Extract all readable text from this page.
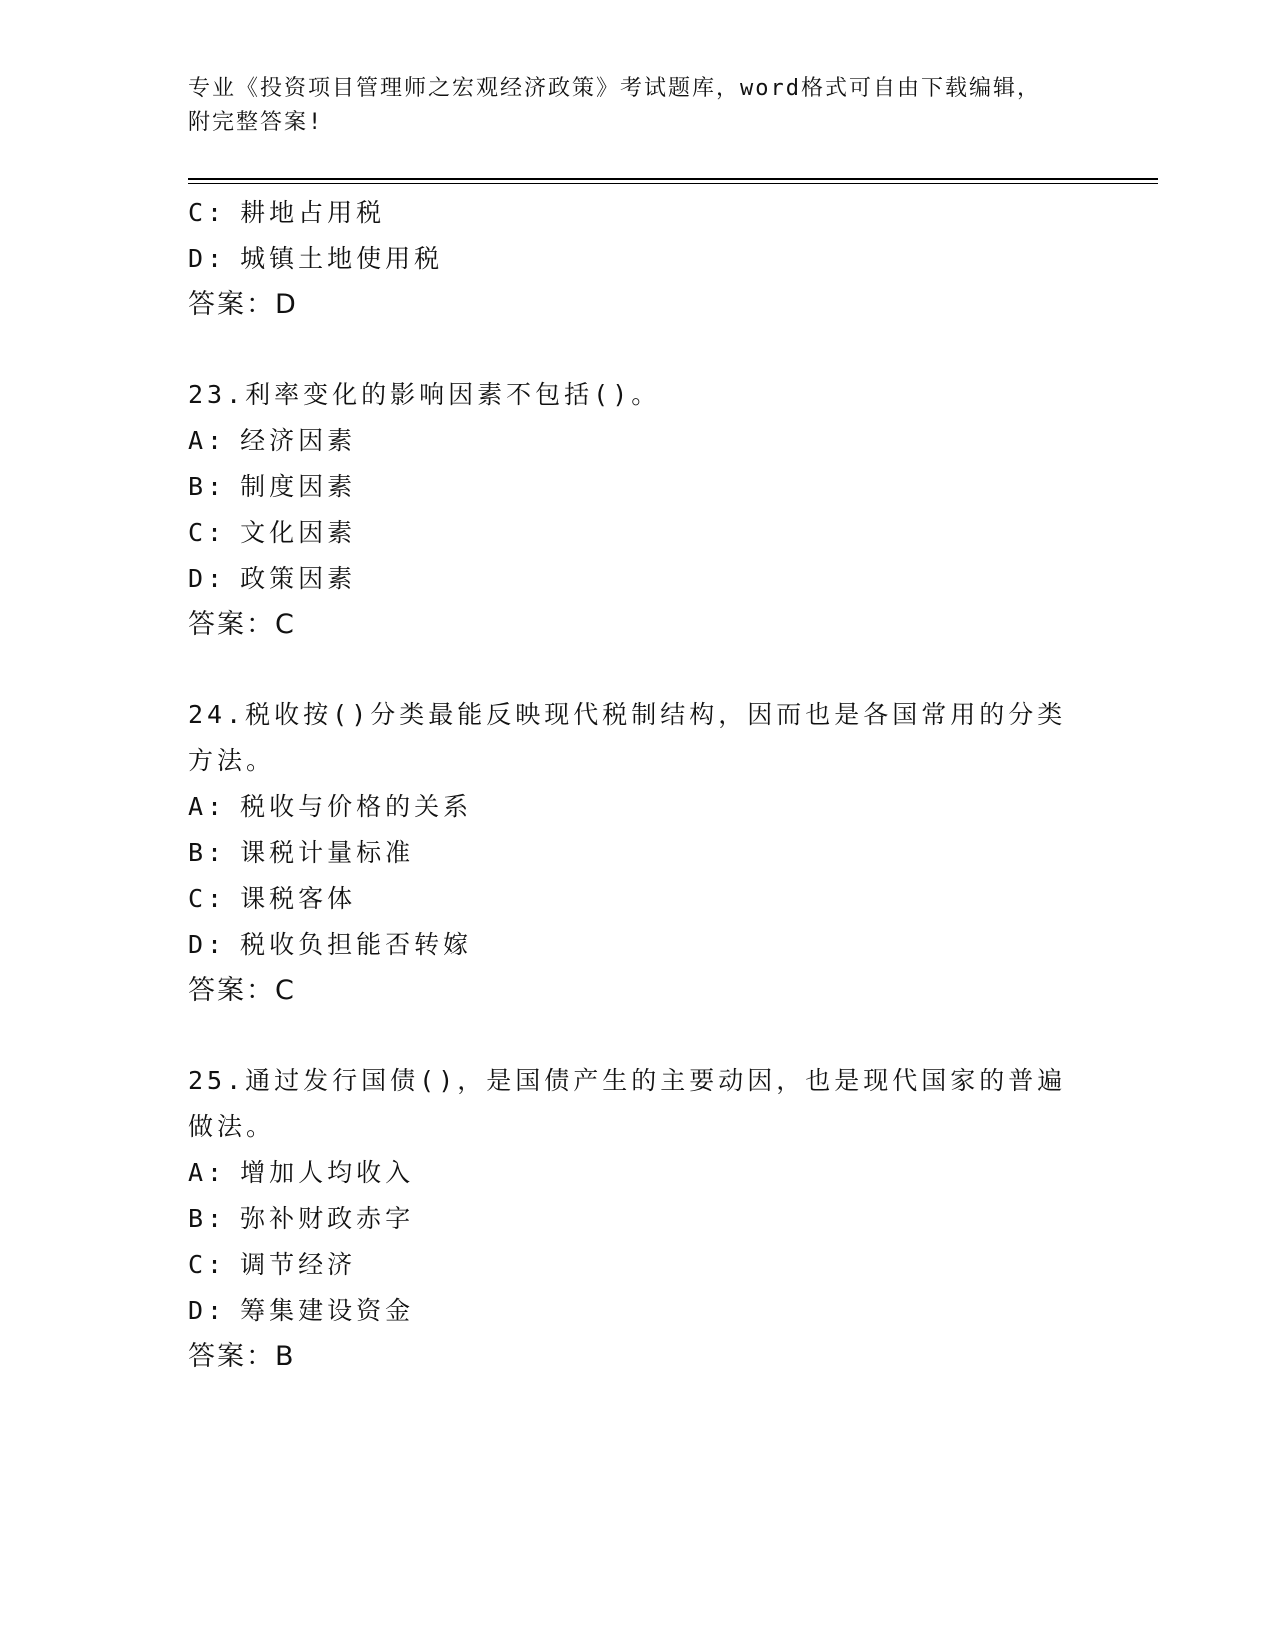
专业《投资项目管理师之宏观经济政策》考试题库，word格式可自由下载编辑，
附完整答案!
C: 耕地占用税
D: 城镇土地使用税
答案：D
23.利率变化的影响因素不包括()。
A: 经济因素
B: 制度因素
C: 文化因素
D: 政策因素
答案：C
24.税收按()分类最能反映现代税制结构，因而也是各国常用的分类方法。
A: 税收与价格的关系
B: 课税计量标准
C: 课税客体
D: 税收负担能否转嫁
答案：C
25.通过发行国债()，是国债产生的主要动因，也是现代国家的普遍做法。
A: 增加人均收入
B: 弥补财政赤字
C: 调节经济
D: 筹集建设资金
答案：B
